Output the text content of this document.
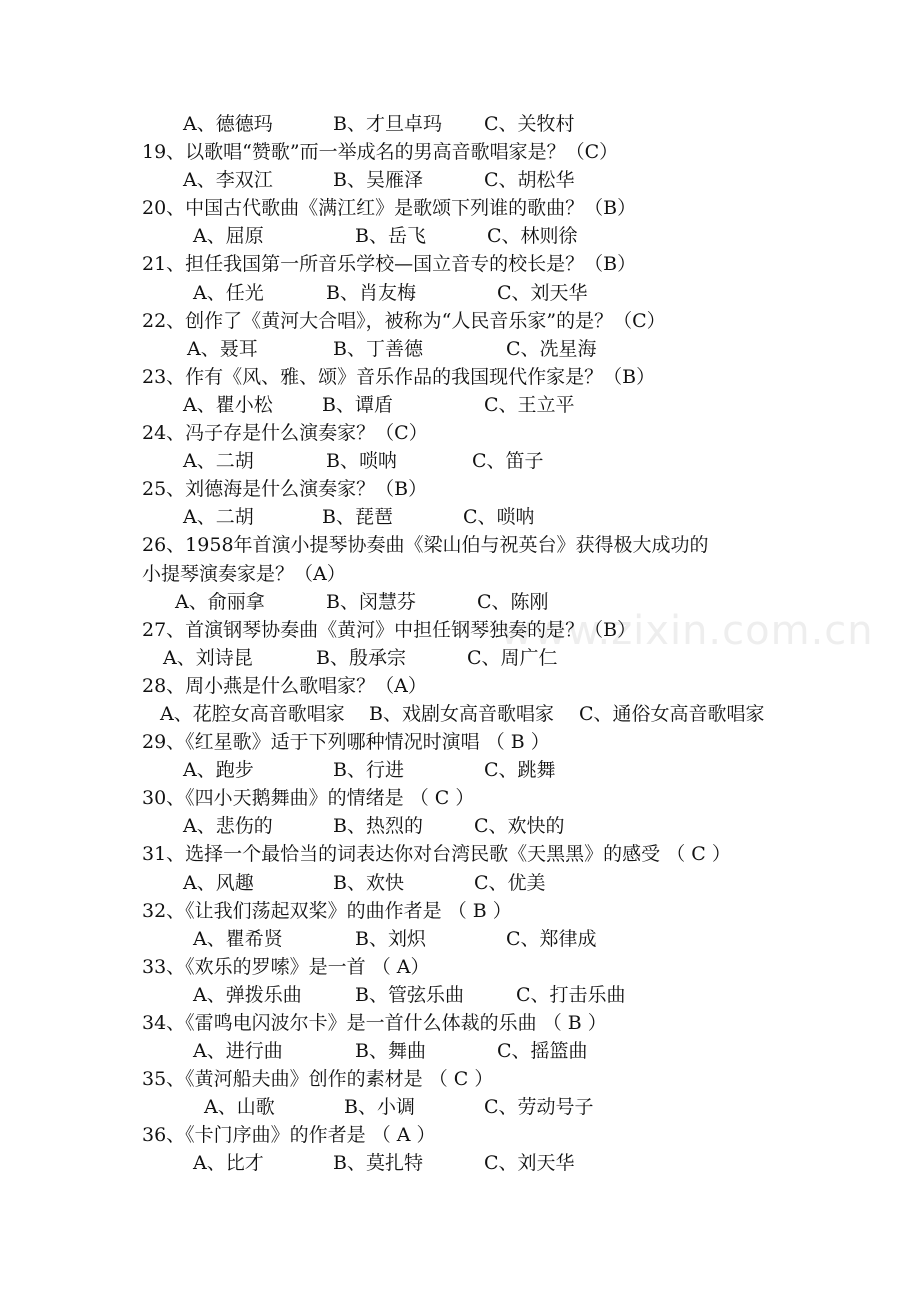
www.zixin.com.cn
A、德德玛	B、才旦卓玛 C、关牧村
19、以歌唱“赞歌”而一举成名的男高音歌唱家是？（C）
A、李双江	B、吴雁泽	C、胡松华
20、中国古代歌曲《满江红》是歌颂下列谁的歌曲？（B）
A、屈原	B、岳飞	C、林则徐
21、担任我国第一所音乐学校—国立音专的校长是？（B）
A、任光	B、肖友梅	C、刘天华
22、创作了《黄河大合唱》，被称为“人民音乐家”的是？（C）
A、聂耳	B、丁善德	C、冼星海
23、作有《风、雅、颂》音乐作品的我国现代作家是？（B）
A、瞿小松	B、谭盾	C、王立平
24、冯子存是什么演奏家？（C）
A、二胡	B、唢呐	C、笛子
25、刘德海是什么演奏家？（B）
A、二胡	B、琵琶	C、唢呐
26、1958年首演小提琴协奏曲《梁山伯与祝英台》获得极大成功的
小提琴演奏家是？（A）
A、俞丽拿	B、闵慧芬	C、陈刚
27、首演钢琴协奏曲《黄河》中担任钢琴独奏的是？（B）
A、刘诗昆	B、殷承宗	C、周广仁
28、周小燕是什么歌唱家？（A）
A、花腔女高音歌唱家 B、戏剧女高音歌唱家 C、通俗女高音歌唱家
29、《红星歌》适于下列哪种情况时演唱 （ B ）
A、跑步	B、行进	C、跳舞
30、《四小天鹅舞曲》的情绪是 （ C ）
A、悲伤的	B、热烈的	C、欢快的
31、选择一个最恰当的词表达你对台湾民歌《天黑黑》的感受 （ C ）
A、风趣	B、欢快	C、优美
32、《让我们荡起双桨》的曲作者是 （ B ）
A、瞿希贤	B、刘炽	C、郑律成
33、《欢乐的罗嗦》是一首 （ A）
A、弹拨乐曲	B、管弦乐曲	C、打击乐曲
34、《雷鸣电闪波尔卡》是一首什么体裁的乐曲 （ B ）
A、进行曲	B、舞曲	C、摇篮曲
35、《黄河船夫曲》创作的素材是 （ C ）
A、山歌	B、小调	C、劳动号子
36、《卡门序曲》的作者是 （ A ）
A、比才	B、莫扎特	C、刘天华
